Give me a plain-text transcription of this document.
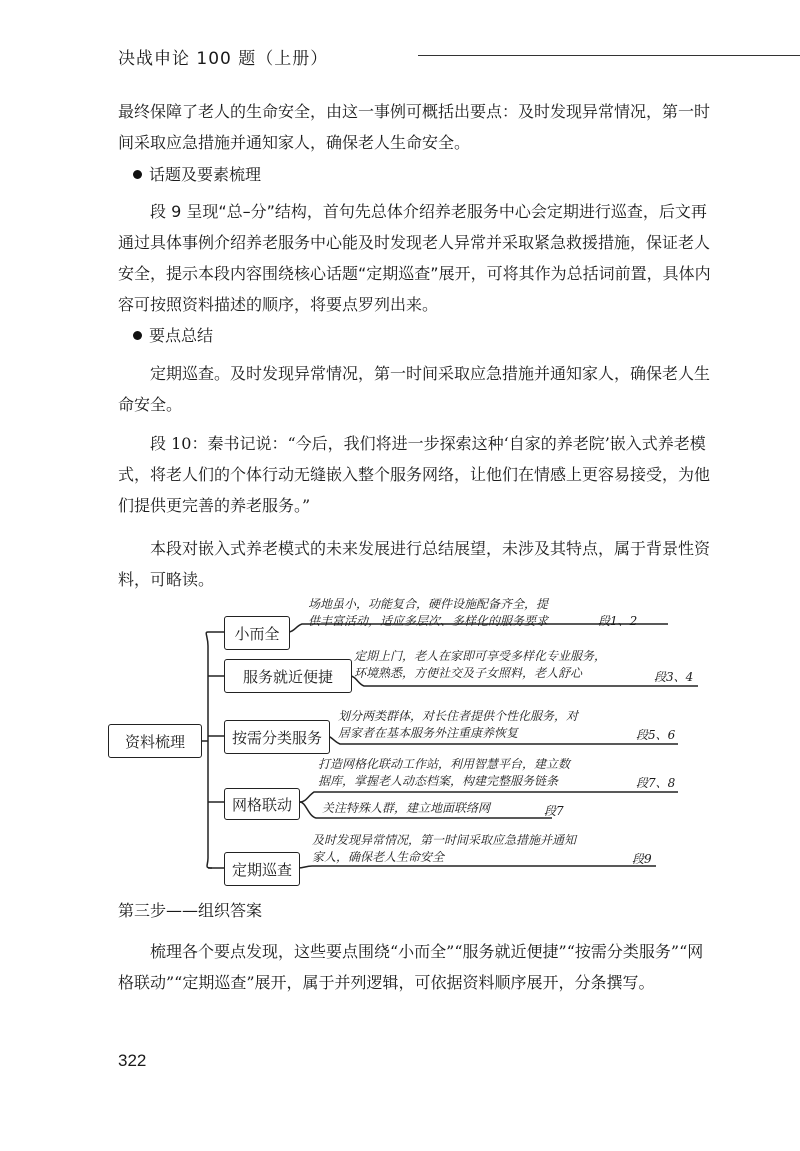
决战申论 100 题（上册）
最终保障了老人的生命安全，由这一事例可概括出要点：及时发现异常情况，第一时间采取应急措施并通知家人，确保老人生命安全。
话题及要素梳理
段 9 呈现“总–分”结构，首句先总体介绍养老服务中心会定期进行巡查，后文再通过具体事例介绍养老服务中心能及时发现老人异常并采取紧急救援措施，保证老人安全，提示本段内容围绕核心话题“定期巡查”展开，可将其作为总括词前置，具体内容可按照资料描述的顺序，将要点罗列出来。
要点总结
定期巡查。及时发现异常情况，第一时间采取应急措施并通知家人，确保老人生命安全。
段 10：秦书记说：“今后，我们将进一步探索这种‘自家的养老院’嵌入式养老模式，将老人们的个体行动无缝嵌入整个服务网络，让他们在情感上更容易接受，为他们提供更完善的养老服务。”
本段对嵌入式养老模式的未来发展进行总结展望，未涉及其特点，属于背景性资料，可略读。
资料梳理
小而全
场地虽小，功能复合，硬件设施配备齐全，提
供丰富活动，适应多层次、多样化的服务要求	段1、2
服务就近便捷
定期上门，老人在家即可享受多样化专业服务，
环境熟悉，方便社交及子女照料，老人舒心	段3、4
按需分类服务
划分两类群体，对长住者提供个性化服务，对
居家者在基本服务外注重康养恢复	段5、6
网格联动
打造网格化联动工作站，利用智慧平台，建立数
据库，掌握老人动态档案，构建完整服务链条	段7、8
关注特殊人群，建立地面联络网	段7
定期巡查
及时发现异常情况，第一时间采取应急措施并通知
家人，确保老人生命安全	段9
第三步——组织答案
梳理各个要点发现，这些要点围绕“小而全”“服务就近便捷”“按需分类服务”“网格联动”“定期巡查”展开，属于并列逻辑，可依据资料顺序展开，分条撰写。
322
